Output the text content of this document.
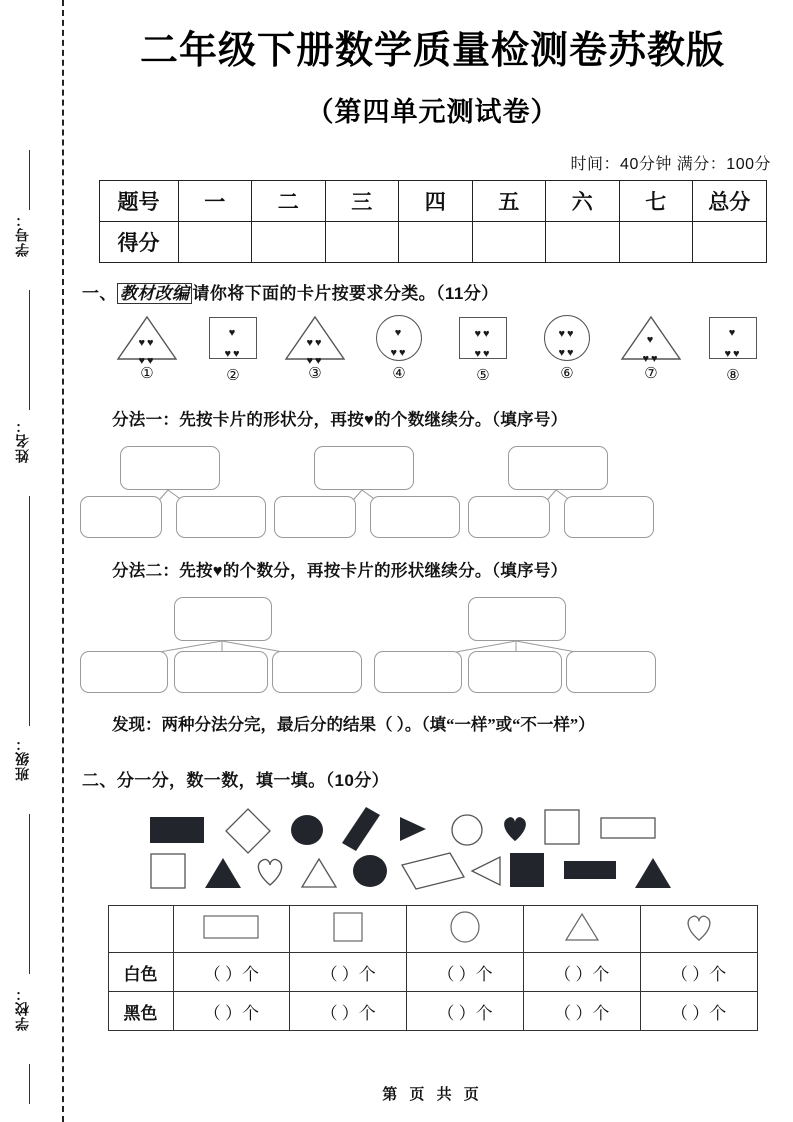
学号：
姓名：
班级：
学校：
二年级下册数学质量检测卷苏教版
（第四单元测试卷）
时间：40分钟 满分：100分
题号	一	二	三	四	五	六	七	总分
得分								
一、 教材改编 请你将下面的卡片按要求分类。（11分）
♥♥
♥♥
①
♥
♥♥
②
♥♥
♥♥
③
♥
♥♥
④
♥♥
♥♥
⑤
♥♥
♥♥
⑥
♥
♥♥
⑦
♥
♥♥
⑧
分法一：先按卡片的形状分，再按♥的个数继续分。（填序号）
分法二：先按♥的个数分，再按卡片的形状继续分。（填序号）
发现：两种分法分完，最后分的结果（ ）。（填“一样”或“不一样”）
二、分一分，数一数，填一填。（10分）

白色	（ ）个	（ ）个	（ ）个	（ ）个	（ ）个
黑色	（ ）个	（ ）个	（ ）个	（ ）个	（ ）个
第 页 共 页
